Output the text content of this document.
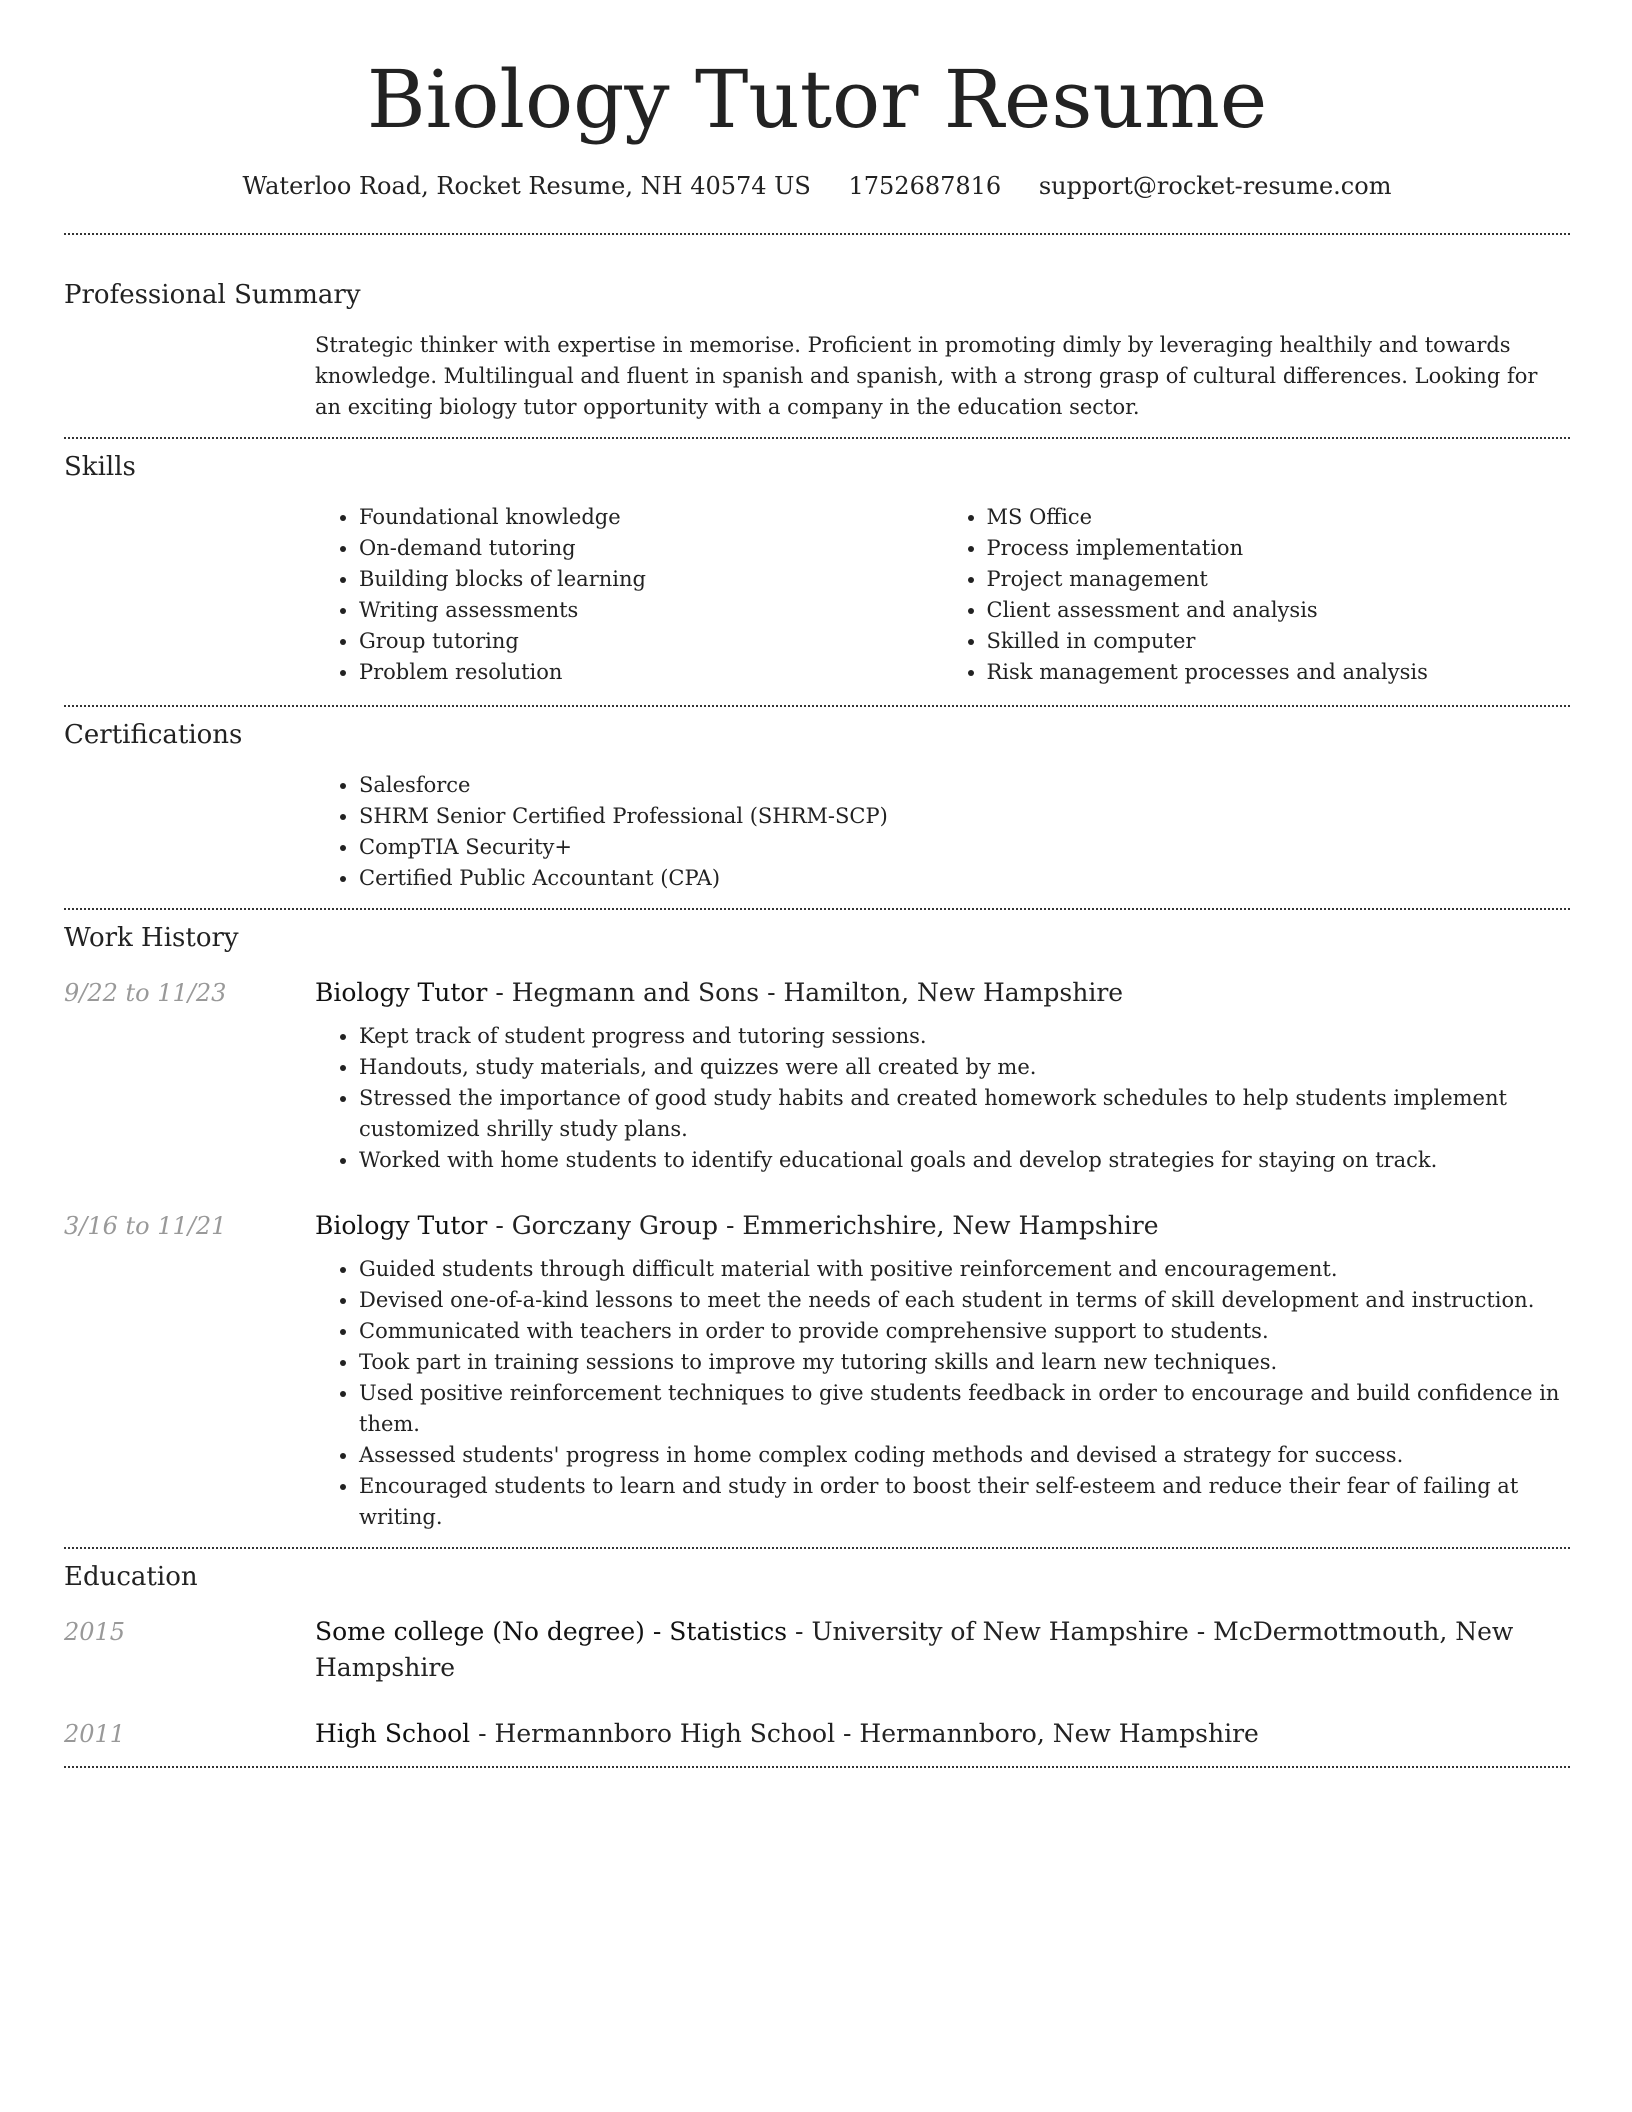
Biology Tutor Resume
Waterloo Road, Rocket Resume, NH 40574 US 1752687816 support@rocket-resume.com
Professional Summary
Strategic thinker with expertise in memorise. Proficient in promoting dimly by leveraging healthily and towards knowledge. Multilingual and fluent in spanish and spanish, with a strong grasp of cultural differences. Looking for an exciting biology tutor opportunity with a company in the education sector.
Skills
• Foundational knowledge
• On-demand tutoring
• Building blocks of learning
• Writing assessments
• Group tutoring
• Problem resolution
• MS Office
• Process implementation
• Project management
• Client assessment and analysis
• Skilled in computer
• Risk management processes and analysis
Certifications
• Salesforce
• SHRM Senior Certified Professional (SHRM-SCP)
• CompTIA Security+
• Certified Public Accountant (CPA)
Work History
9/22 to 11/23	Biology Tutor - Hegmann and Sons - Hamilton, New Hampshire
• Kept track of student progress and tutoring sessions.
• Handouts, study materials, and quizzes were all created by me.
• Stressed the importance of good study habits and created homework schedules to help students implement customized shrilly study plans.
• Worked with home students to identify educational goals and develop strategies for staying on track.
3/16 to 11/21	Biology Tutor - Gorczany Group - Emmerichshire, New Hampshire
• Guided students through difficult material with positive reinforcement and encouragement.
• Devised one-of-a-kind lessons to meet the needs of each student in terms of skill development and instruction.
• Communicated with teachers in order to provide comprehensive support to students.
• Took part in training sessions to improve my tutoring skills and learn new techniques.
• Used positive reinforcement techniques to give students feedback in order to encourage and build confidence in them.
• Assessed students' progress in home complex coding methods and devised a strategy for success.
• Encouraged students to learn and study in order to boost their self-esteem and reduce their fear of failing at writing.
Education
2015	Some college (No degree) - Statistics - University of New Hampshire - McDermottmouth, New Hampshire
2011	High School - Hermannboro High School - Hermannboro, New Hampshire
